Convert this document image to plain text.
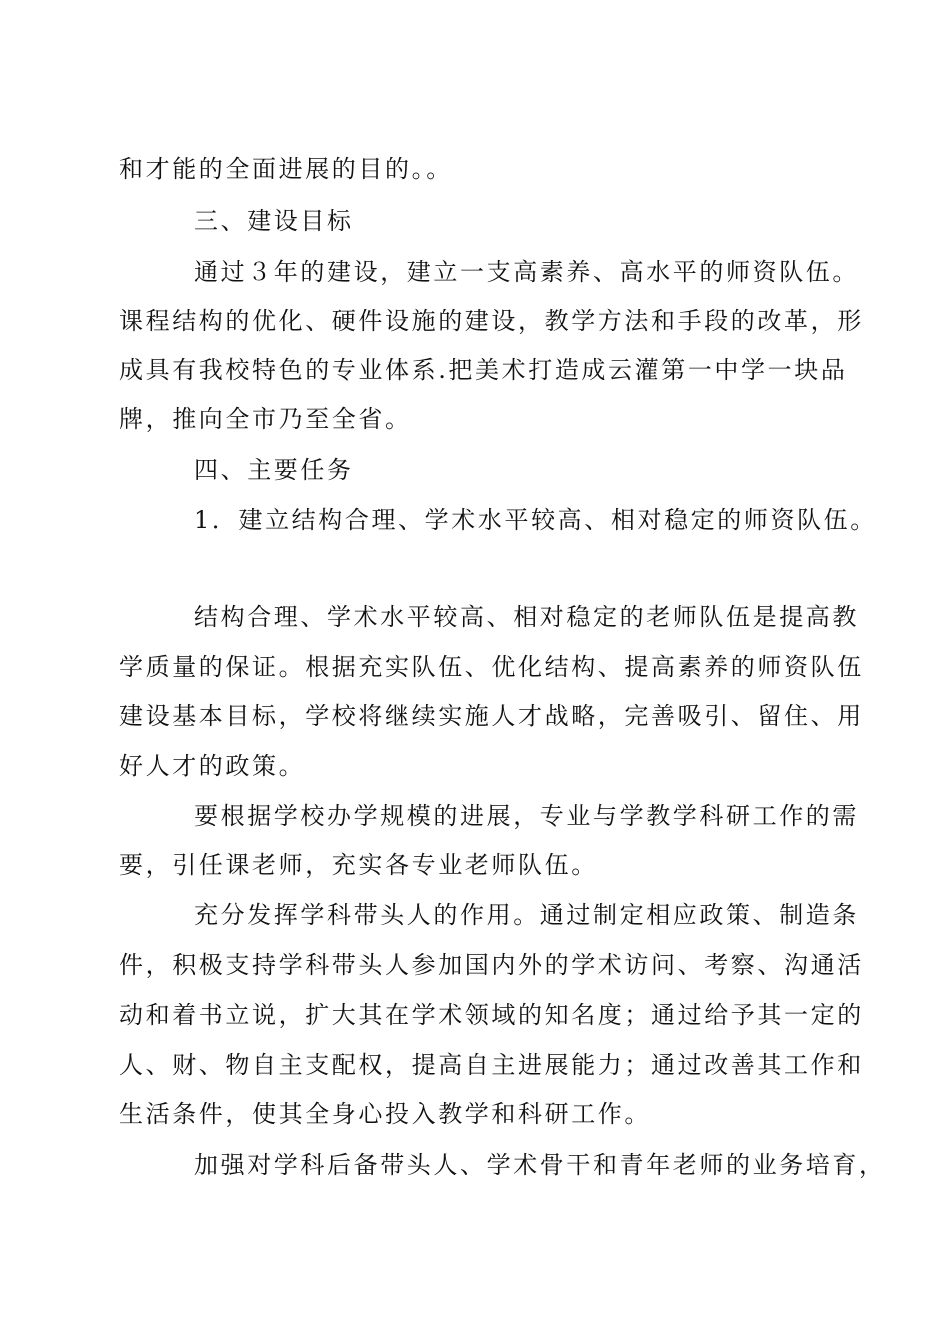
和才能的全面进展的目的。。
三、建设目标
通过３年的建设，建立一支高素养、高水平的师资队伍。
课程结构的优化、硬件设施的建设，教学方法和手段的改革，形
成具有我校特色的专业体系.把美术打造成云灌第一中学一块品
牌，推向全市乃至全省。
四、主要任务
1．建立结构合理、学术水平较高、相对稳定的师资队伍。
结构合理、学术水平较高、相对稳定的老师队伍是提高教
学质量的保证。根据充实队伍、优化结构、提高素养的师资队伍
建设基本目标，学校将继续实施人才战略，完善吸引、留住、用
好人才的政策。
要根据学校办学规模的进展，专业与学教学科研工作的需
要，引任课老师，充实各专业老师队伍。
充分发挥学科带头人的作用。通过制定相应政策、制造条
件，积极支持学科带头人参加国内外的学术访问、考察、沟通活
动和着书立说，扩大其在学术领域的知名度；通过给予其一定的
人、财、物自主支配权，提高自主进展能力；通过改善其工作和
生活条件，使其全身心投入教学和科研工作。
加强对学科后备带头人、学术骨干和青年老师的业务培育，
